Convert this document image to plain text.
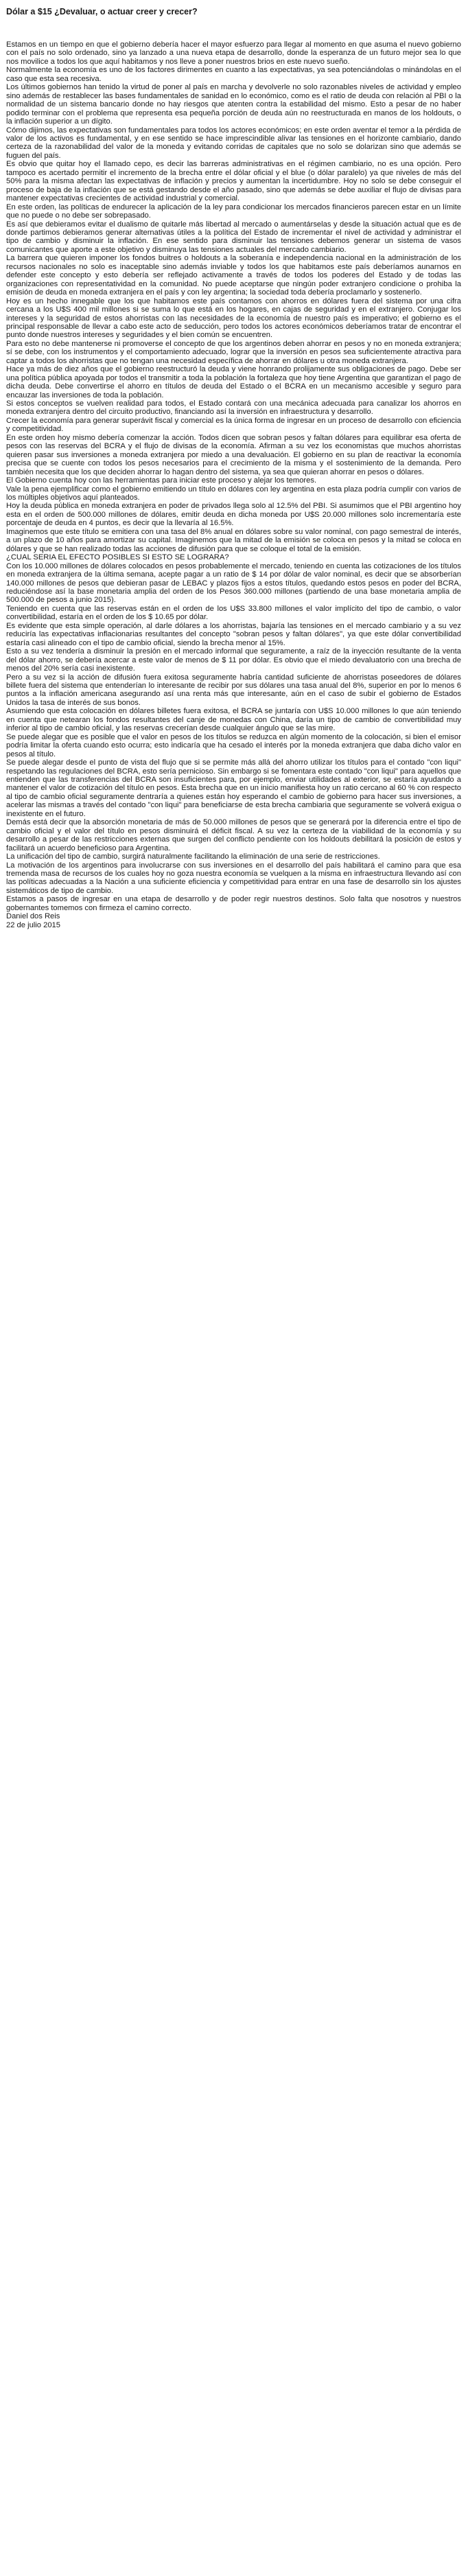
Dólar a $15 ¿Devaluar, o actuar creer y crecer?

Estamos en un tiempo en que el gobierno debería hacer el mayor esfuerzo para llegar al momento en que asuma el nuevo gobierno con el país no solo ordenado, sino ya lanzado a una nueva etapa de desarrollo, donde la esperanza de un futuro mejor sea lo que nos movilice a todos los que aquí habitamos y nos lleve a poner nuestros brios en este nuevo sueño.

Normalmente la economía es uno de los factores dirimentes en cuanto a las expectativas, ya sea potenciándolas o minándolas en el caso que esta sea recesiva.

Los últimos gobiernos han tenido la virtud de poner al país en marcha y devolverle no solo razonables niveles de actividad y empleo sino además de restablecer las bases fundamentales de sanidad en lo económico, como es el ratio de deuda con relación al PBI o la normalidad de un sistema bancario donde no hay riesgos que atenten contra la estabilidad del mismo. Esto a pesar de no haber podido terminar con el problema que representa esa pequeña porción de deuda aún no reestructurada en manos de los holdouts, o la inflación superior a un dígito.

Cómo dijimos, las expectativas son fundamentales para todos los actores económicos; en este orden aventar el temor a la pérdida de valor de los activos es fundamental, y en ese sentido se hace imprescindible alivar las tensiones en el horizonte cambiario, dando certeza de la razonabilidad del valor de la moneda y evitando corridas de capitales que no solo se dolarizan sino que además se fuguen del país.

Es obvio que quitar hoy el llamado cepo, es decir las barreras administrativas en el régimen cambiario, no es una opción. Pero tampoco es acertado permitir el incremento de la brecha entre el dólar oficial y el blue (o dólar paralelo) ya que niveles de más del 50% para la misma afectan las expectativas de inflación y precios y aumentan la incertidumbre. Hoy no solo se debe conseguir el proceso de baja de la inflación que se está gestando desde el año pasado, sino que además se debe auxiliar el flujo de divisas para mantener expectativas crecientes de actividad industrial y comercial.

En este orden, las políticas de endurecer la aplicación de la ley para condicionar los mercados financieros parecen estar en un límite que no puede o no debe ser sobrepasado.

Es así que debieramos evitar el dualismo de quitarle más libertad al mercado o aumentárselas y desde la situación actual que es de donde partimos debieramos generar alternativas útiles a la política del Estado de incrementar el nivel de actividad y administrar el tipo de cambio y disminuir la inflación. En ese sentido para disminuir las tensiones debemos generar un sistema de vasos comunicantes que aporte a este objetivo y disminuya las tensiones actuales del mercado cambiario.

La barrera que quieren imponer los fondos buitres o holdouts a la soberanía e independencia nacional en la administración de los recursos nacionales no solo es inaceptable sino además inviable y todos los que habitamos este país deberíamos aunarnos en defender este concepto y esto debería ser reflejado activamente a través de todos los poderes del Estado y de todas las organizaciones con representatividad en la comunidad. No puede aceptarse que ningún poder extranjero condicione o prohiba la emisión de deuda en moneda extranjera en el país y con ley argentina; la sociedad toda debería proclamarlo y sostenerlo.

Hoy es un hecho innegable que los que habitamos este país contamos con ahorros en dólares fuera del sistema por una cifra cercana a los U$S 400 mil millones si se suma lo que está en los hogares, en cajas de seguridad y en el extranjero. Conjugar los intereses y la seguridad de estos ahorristas con las necesidades de la economía de nuestro país es imperativo; el gobierno es el principal responsable de llevar a cabo este acto de seducción, pero todos los actores económicos deberíamos tratar de encontrar el punto donde nuestros intereses y seguridades y el bien común se encuentren.

Para esto no debe mantenerse ni promoverse el concepto de que los argentinos deben ahorrar en pesos y no en moneda extranjera; sí se debe, con los instrumentos y el comportamiento adecuado, lograr que la inversión en pesos sea suficientemente atractiva para captar a todos los ahorristas que no tengan una necesidad específica de ahorrar en dólares u otra moneda extranjera.

Hace ya más de diez años que el gobierno reestructuró la deuda y viene honrando prolijamente sus obligaciones de pago. Debe ser una política pública apoyada por todos el transmitir a toda la población la fortaleza que hoy tiene Argentina que garantizan el pago de dicha deuda. Debe convertirse el ahorro en títulos de deuda del Estado o el BCRA en un mecanismo accesible y seguro para encauzar las inversiones de toda la población.

Si estos conceptos se vuelven realidad para todos, el Estado contará con una mecánica adecuada para canalizar los ahorros en moneda extranjera dentro del circuito productivo, financiando así la inversión en infraestructura y desarrollo.

Crecer la economía para generar superávit fiscal y comercial es la única forma de ingresar en un proceso de desarrollo con eficiencia y competitividad.

En este orden hoy mismo debería comenzar la acción. Todos dicen que sobran pesos y faltan dólares para equilibrar esa oferta de pesos con las reservas del BCRA y el flujo de divisas de la economía. Afirman a su vez los economistas que muchos ahorristas quieren pasar sus inversiones a moneda extranjera por miedo a una devaluación. El gobierno en su plan de reactivar la economía precisa que se cuente con todos los pesos necesarios para el crecimiento de la misma y el sostenimiento de la demanda. Pero también necesita que los que deciden ahorrar lo hagan dentro del sistema, ya sea que quieran ahorrar en pesos o dólares.

El Gobierno cuenta hoy con las herramientas para iniciar este proceso y alejar los temores.

Vale la pena ejemplificar como el gobierno emitiendo un título en dólares con ley argentina en esta plaza podría cumplir con varios de los múltiples objetivos aquí planteados.

Hoy la deuda pública en moneda extranjera en poder de privados llega solo al 12.5% del PBI. Si asumimos que el PBI argentino hoy esta en el orden de 500.000 millones de dólares, emitir deuda en dicha moneda por U$S 20.000 millones solo incrementaría este porcentaje de deuda en 4 puntos, es decir que la llevaría al 16.5%.

Imaginemos que este título se emitiera con una tasa del 8% anual en dólares sobre su valor nominal, con pago semestral de interés, a un plazo de 10 años para amortizar su capital. Imaginemos que la mitad de la emisión se coloca en pesos y la mitad se coloca en dólares y que se han realizado todas las acciones de difusión para que se coloque el total de la emisión.

¿CUAL SERIA EL EFECTO POSIBLES SI ESTO SE LOGRARA?

Con los 10.000 millones de dólares colocados en pesos probablemente el mercado, teniendo en cuenta las cotizaciones de los títulos en moneda extranjera de la última semana, acepte pagar a un ratio de $ 14 por dólar de valor nominal, es decir que se absorberían 140.000 millones de pesos que debieran pasar de LEBAC y plazos fijos a estos títulos, quedando estos pesos en poder del BCRA, reduciéndose así la base monetaria amplia del orden de los Pesos 360.000 millones (partiendo de una base monetaria amplia de 500.000 de pesos a junio 2015).

Teniendo en cuenta que las reservas están en el orden de los U$S 33.800 millones el valor implícito del tipo de cambio, o valor convertibilidad, estaría en el orden de los $ 10.65 por dólar.

Es evidente que esta simple operación, al darle dólares a los ahorristas, bajaría las tensiones en el mercado cambiario y a su vez reduciría las expectativas inflacionarias resultantes del concepto "sobran pesos y faltan dólares", ya que este dólar convertibilidad estaría casi alineado con el tipo de cambio oficial, siendo la brecha menor al 15%.

Esto a su vez tendería a disminuir la presión en el mercado informal que seguramente, a raíz de la inyección resultante de la venta del dólar ahorro, se debería acercar a este valor de menos de $ 11 por dólar. Es obvio que el miedo devaluatorio con una brecha de menos del 20% sería casi inexistente.

Pero a su vez si la acción de difusión fuera exitosa seguramente habría cantidad suficiente de ahorristas poseedores de dólares billete fuera del sistema que entenderían lo interesante de recibir por sus dólares una tasa anual del 8%, superior en por lo menos 6 puntos a la inflación americana asegurando así una renta más que interesante, aún en el caso de subir el gobierno de Estados Unidos la tasa de interés de sus bonos.

Asumiendo que esta colocación en dólares billetes fuera exitosa, el BCRA se juntaría con U$S 10.000 millones lo que aún teniendo en cuenta que netearan los fondos resultantes del canje de monedas con China, daría un tipo de cambio de convertibilidad muy inferior al tipo de cambio oficial, y las reservas crecerían desde cualquier ángulo que se las mire.

Se puede alegar que es posible que el valor en pesos de los títulos se reduzca en algún momento de la colocación, si bien el emisor podría limitar la oferta cuando esto ocurra; esto indicaría que ha cesado el interés por la moneda extranjera que daba dicho valor en pesos al título.

Se puede alegar desde el punto de vista del flujo que si se permite más allá del ahorro utilizar los títulos para el contado "con liqui" respetando las regulaciones del BCRA, esto sería pernicioso. Sin embargo si se fomentara este contado "con liqui" para aquellos que entienden que las transferencias del BCRA son insuficientes para, por ejemplo, enviar utilidades al exterior, se estaría ayudando a mantener el valor de cotización del título en pesos. Esta brecha que en un inicio manifiesta hoy un ratio cercano al 60 % con respecto al tipo de cambio oficial seguramente dentraría a quienes están hoy esperando el cambio de gobierno para hacer sus inversiones, a acelerar las mismas a través del contado "con liqui" para beneficiarse de esta brecha cambiaria que seguramente se volverá exigua o inexistente en el futuro.

Demás está decir que la absorción monetaria de más de 50.000 millones de pesos que se generará por la diferencia entre el tipo de cambio oficial y el valor del título en pesos disminuirá el déficit fiscal. A su vez la certeza de la viabilidad de la economía y su desarrollo a pesar de las restricciones externas que surgen del conflicto pendiente con los holdouts debilitará la posición de estos y facilitará un acuerdo beneficioso para Argentina.

La unificación del tipo de cambio, surgirá naturalmente facilitando la eliminación de una serie de restricciones.

La motivación de los argentinos para involucrarse con sus inversiones en el desarrollo del país habilitará el camino para que esa tremenda masa de recursos de los cuales hoy no goza nuestra economía se vuelquen a la misma en infraestructura llevando así con las políticas adecuadas a la Nación a una suficiente eficiencia y competitividad para entrar en una fase de desarrollo sin los ajustes sistemáticos de tipo de cambio.

Estamos a pasos de ingresar en una etapa de desarrollo y de poder regir nuestros destinos. Solo falta que nosotros y nuestros gobernantes tomemos con firmeza el camino correcto.

Daniel dos Reis

22 de julio 2015
